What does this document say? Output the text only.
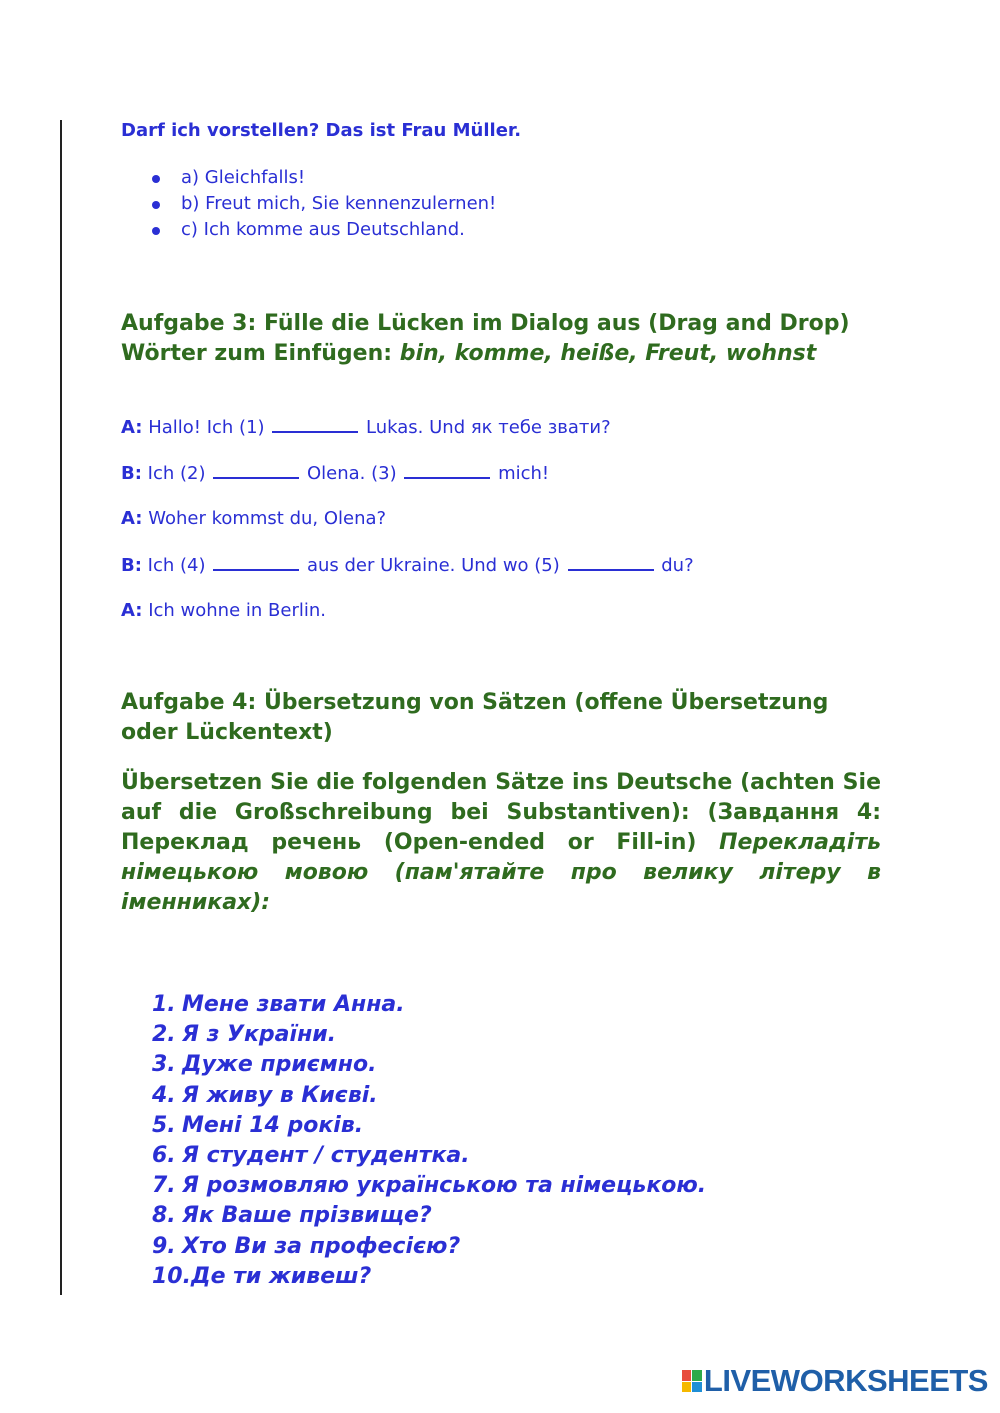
Darf ich vorstellen? Das ist Frau Müller.
a) Gleichfalls!
b) Freut mich, Sie kennenzulernen!
c) Ich komme aus Deutschland.
Aufgabe 3: Fülle die Lücken im Dialog aus (Drag and Drop)
Wörter zum Einfügen: bin, komme, heiße, Freut, wohnst
A: Hallo! Ich (1)	Lukas. Und як тебе звати?
B: Ich (2)	Olena. (3)	mich!
A: Woher kommst du, Olena?
B: Ich (4)	aus der Ukraine. Und wo (5)	du?
A: Ich wohne in Berlin.
Aufgabe 4: Übersetzung von Sätzen (offene Übersetzung oder Lückentext)
Übersetzen Sie die folgenden Sätze ins Deutsche (achten Sie auf die Großschreibung bei Substantiven): (Завдання 4: Переклад речень (Open-ended or Fill-in) Перекладіть німецькою мовою (пам'ятайте про велику літеру в іменниках):
1. Мене звати Анна.
2. Я з України.
3. Дуже приємно.
4. Я живу в Києві.
5. Мені 14 років.
6. Я студент / студентка.
7. Я розмовляю українською та німецькою.
8. Як Ваше прізвище?
9. Хто Ви за професією?
10.Де ти живеш?
LIVEWORKSHEETS
